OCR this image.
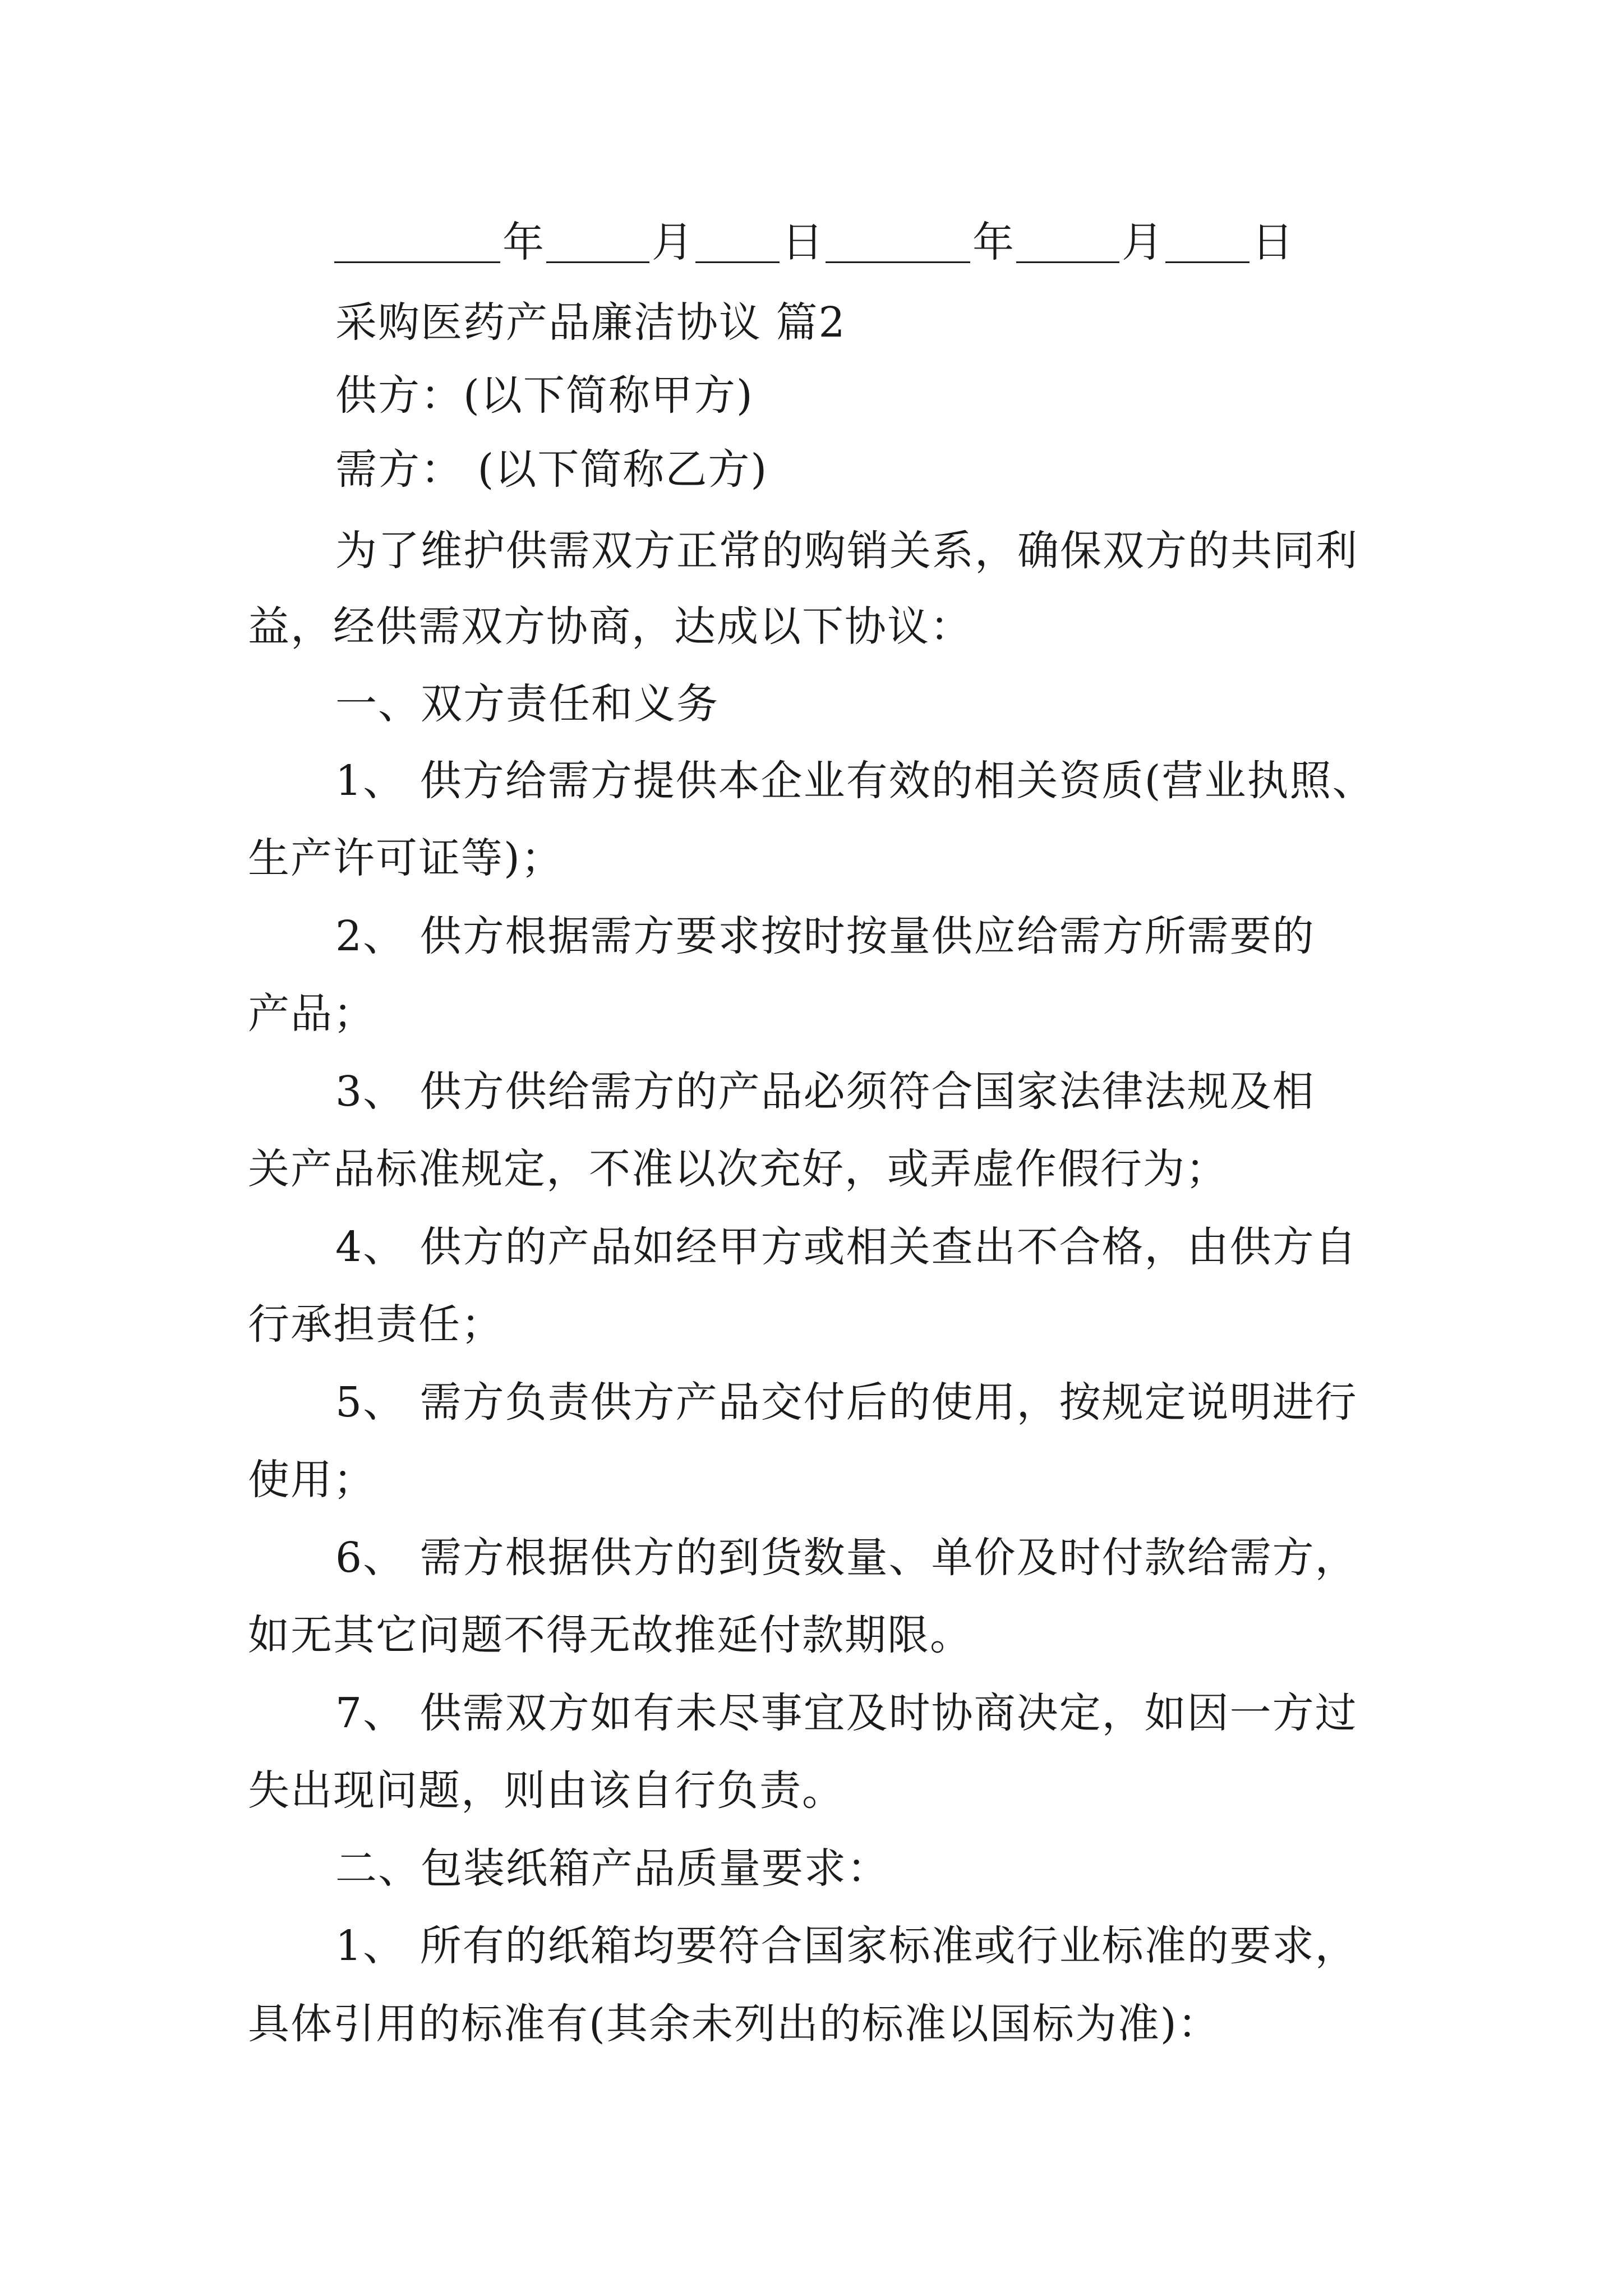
年	月 日	年	月 日
采购医药产品廉洁协议 篇2
供方：(以下简称甲方)
需方： (以下简称乙方)
为了维护供需双方正常的购销关系，确保双方的共同利
益，经供需双方协商，达成以下协议：
一、双方责任和义务
1、 供方给需方提供本企业有效的相关资质(营业执照、
生产许可证等)；
2、 供方根据需方要求按时按量供应给需方所需要的
产品；
3、 供方供给需方的产品必须符合国家法律法规及相
关产品标准规定，不准以次充好，或弄虚作假行为；
4、 供方的产品如经甲方或相关查出不合格，由供方自
行承担责任；
5、 需方负责供方产品交付后的使用，按规定说明进行
使用；
6、 需方根据供方的到货数量、单价及时付款给需方，
如无其它问题不得无故推延付款期限。
7、 供需双方如有未尽事宜及时协商决定，如因一方过
失出现问题，则由该自行负责。
二、包装纸箱产品质量要求：
1、 所有的纸箱均要符合国家标准或行业标准的要求，
具体引用的标准有(其余未列出的标准以国标为准)：
